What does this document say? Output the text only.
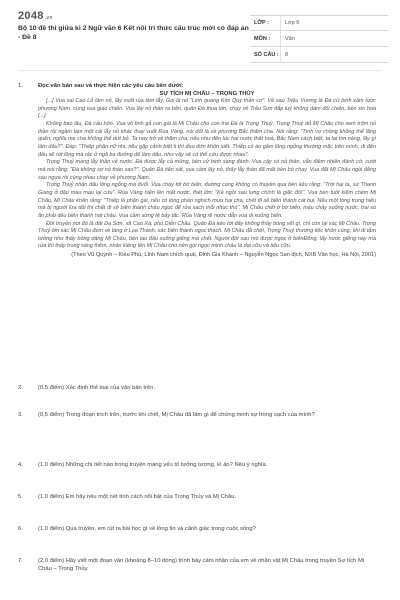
2048.vn
Bộ 10 đề thi giữa kì 2 Ngữ văn 6 Kết nối tri thức cấu trúc mới có đáp án - Đề 8
LỚP :	Lớp 6
MÔN :	Văn
SỐ CÂU :	8
1.	Đọc văn bản sau và thực hiện các yêu cầu bên dưới:
SỰ TÍCH MỊ CHÂU – TRỌNG THỦY

[...] Vua sai Cao Lỗ làm nỏ, lấy vuốt rùa làm lẫy. Gọi là nỏ "Linh quang Kim Quy thần cơ". Về sau Triệu Vương là Đà cử binh xâm lược phương Nam, cùng vua giao chiến. Vua lấy nỏ thần ra bắn, quân Đà thua lớn, chạy về Trâu Sơn đắp luỹ không dám đối chiến, bèn xin hoà [...].

Không bao lâu, Đà cầu hôn. Vua vô tình gả con gái là Mị Châu cho con trai Đà là Trọng Thuỷ. Trọng Thuỷ dỗ Mị Châu cho xem trộm nỏ thần rồi ngầm làm một cái lẫy nỏ khác thay vuốt Rùa Vàng, nói dối là về phương Bắc thăm cha. Nói rằng: "Tình vợ chồng không thể lãng quên, nghĩa mẹ cha không thể dứt bỏ. Ta nay trở về thăm cha, nếu như đến lúc hai nước thất hoà, Bắc Nam cách biệt, ta lại tìm nàng, lấy gì làm dấu?". Đáp: "Thiếp phận nữ nhi, nếu gặp cảnh biệt li thì đau đớn khôn xiết. Thiếp có áo gấm lông ngỗng thường mặc trên mình, đi đến đâu sẽ rứt lông mà rắc ở ngã ba đường để làm dấu, như vậy sẽ có thể cứu được nhau".

Trọng Thuỷ mang lẫy thần về nước. Đà được lẫy cả mừng, bèn cử binh sang đánh. Vua cậy có nỏ thần, vẫn điềm nhiên đánh cờ, cười mà nói rằng: "Đà không sợ nỏ thần sao?". Quân Đà tiến sát, vua cầm lấy nỏ, thấy lẫy thần đã mất bèn bỏ chạy. Vua đặt Mị Châu ngồi đằng sau ngựa rồi cùng nhau chạy về phương Nam.

Trọng Thuỷ nhận dấu lông ngỗng mà đuổi. Vua chạy tới bờ biển, đường cùng không có thuyền qua bèn kêu rằng: "Trời hại ta, sứ Thanh Giang ở đâu mau mau lại cứu". Rùa Vàng hiện lên mặt nước, thét lớn: "Kẻ ngồi sau lưng chính là giặc đó!". Vua bèn tuốt kiếm chém Mị Châu, Mị Châu khấn rằng: "Thiếp là phận gái, nếu có lòng phản nghịch mưu hại cha, chết đi sẽ biến thành cát bụi. Nếu một lòng trung hiếu mà bị người lừa dối thì chết đi sẽ biến thành châu ngọc để rửa sạch mối nhục thù". Mị Châu chết ở bờ biển, máu chảy xuống nước, trai sò ăn phải đều biến thành hạt châu. Vua cầm sừng tê bảy tấc. Rùa Vàng rẽ nước dẫn vua đi xuống biển.

Đời truyền nơi đó là đất Dạ Sơn, xã Cao Xá, phủ Diễn Châu. Quân Đà kéo tới đấy không thấy bóng vết gì, chỉ còn lại xác Mị Châu. Trọng Thuỷ ôm xác Mị Châu đem về táng ở Loa Thành, xác biến thành ngọc thạch. Mị Châu đã chết, Trọng Thuỷ thương tiếc khôn cùng, khi đi tắm tưởng như thấy bóng dáng Mị Châu, bèn lao đầu xuống giếng mà chết. Người đời sau mò được ngọc ở biểnĐông, lấy nước giếng này mà rửa thì thấy trong sáng thêm, nhân kiêng tên Mị Châu cho nên gọi ngọc minh châu là đại cữu và tiểu cữu.

(Theo Vũ Quỳnh – Kiều Phú, Lĩnh Nam chích quái, Đinh Gia Khánh – Nguyễn Ngọc San dịch, NXB Văn học, Hà Nội, 2001)
2.	(0,5 điểm) Xác định thể loại của văn bản trên.
3.	(0,5 điểm) Trong đoạn trích trên, trước khi chết, Mị Châu đã làm gì để chứng minh sự trong sạch của mình?
4.	(1,0 điểm) Những chi tiết nào trong truyện mang yếu tố tưởng tượng, kì ảo? Nêu ý nghĩa.
5.	(1,0 điểm) Em hãy nêu một nét tính cách nổi bật của Trọng Thủy và Mị Châu.
6.	(1,0 điểm) Qua truyện, em rút ra bài học gì về lòng tin và cảnh giác trong cuộc sống?
7.	(2,0 điểm) Hãy viết một đoạn văn (khoảng 8–10 dòng) trình bày cảm nhận của em về nhân vật Mị Châu trong truyện Sự tích Mị Châu – Trọng Thủy.
